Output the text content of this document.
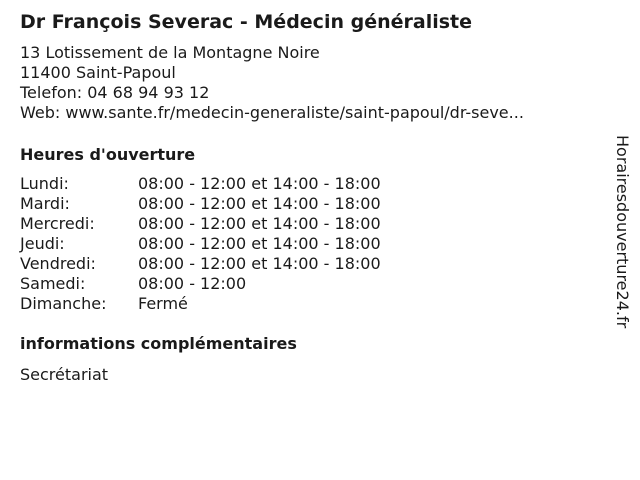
Dr François Severac - Médecin généraliste
13 Lotissement de la Montagne Noire
11400 Saint-Papoul
Telefon: 04 68 94 93 12
Web: www.sante.fr/medecin-generaliste/saint-papoul/dr-seve...
Heures d'ouverture
Lundi:	08:00 - 12:00 et 14:00 - 18:00
Mardi:	08:00 - 12:00 et 14:00 - 18:00
Mercredi:	08:00 - 12:00 et 14:00 - 18:00
Jeudi:	08:00 - 12:00 et 14:00 - 18:00
Vendredi:	08:00 - 12:00 et 14:00 - 18:00
Samedi:	08:00 - 12:00
Dimanche:	Fermé
informations complémentaires
Secrétariat
Horairesdouverture24.fr
